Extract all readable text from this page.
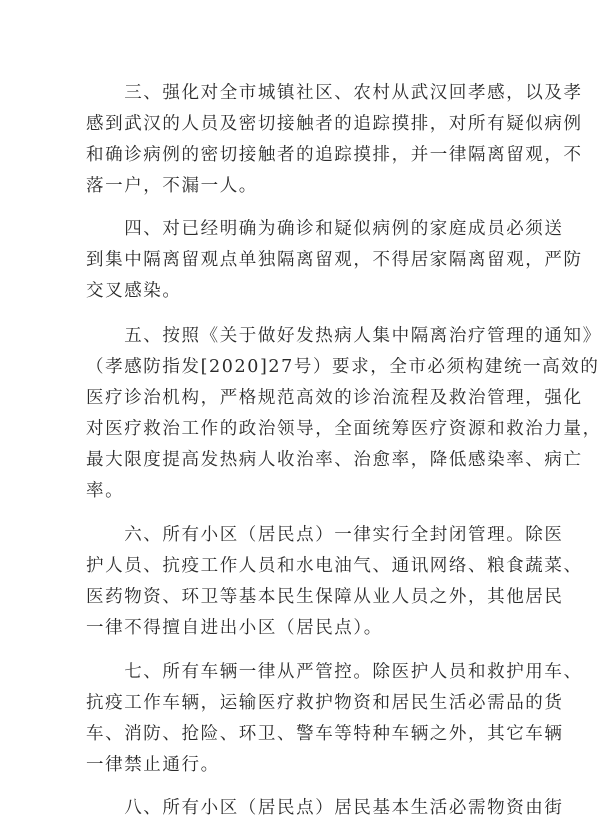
　　三、强化对全市城镇社区、农村从武汉回孝感，以及孝
感到武汉的人员及密切接触者的追踪摸排，对所有疑似病例
和确诊病例的密切接触者的追踪摸排，并一律隔离留观，不
落一户，不漏一人。

　　四、对已经明确为确诊和疑似病例的家庭成员必须送
到集中隔离留观点单独隔离留观，不得居家隔离留观，严防
交叉感染。

　　五、按照《关于做好发热病人集中隔离治疗管理的通知》
（孝感防指发[2020]27号）要求，全市必须构建统一高效的
医疗诊治机构，严格规范高效的诊治流程及救治管理，强化
对医疗救治工作的政治领导，全面统筹医疗资源和救治力量，
最大限度提高发热病人收治率、治愈率，降低感染率、病亡
率。

　　六、所有小区（居民点）一律实行全封闭管理。除医
护人员、抗疫工作人员和水电油气、通讯网络、粮食蔬菜、
医药物资、环卫等基本民生保障从业人员之外，其他居民
一律不得擅自进出小区（居民点）。

　　七、所有车辆一律从严管控。除医护人员和救护用车、
抗疫工作车辆，运输医疗救护物资和居民生活必需品的货
车、消防、抢险、环卫、警车等特种车辆之外，其它车辆
一律禁止通行。

　　八、所有小区（居民点）居民基本生活必需物资由街
